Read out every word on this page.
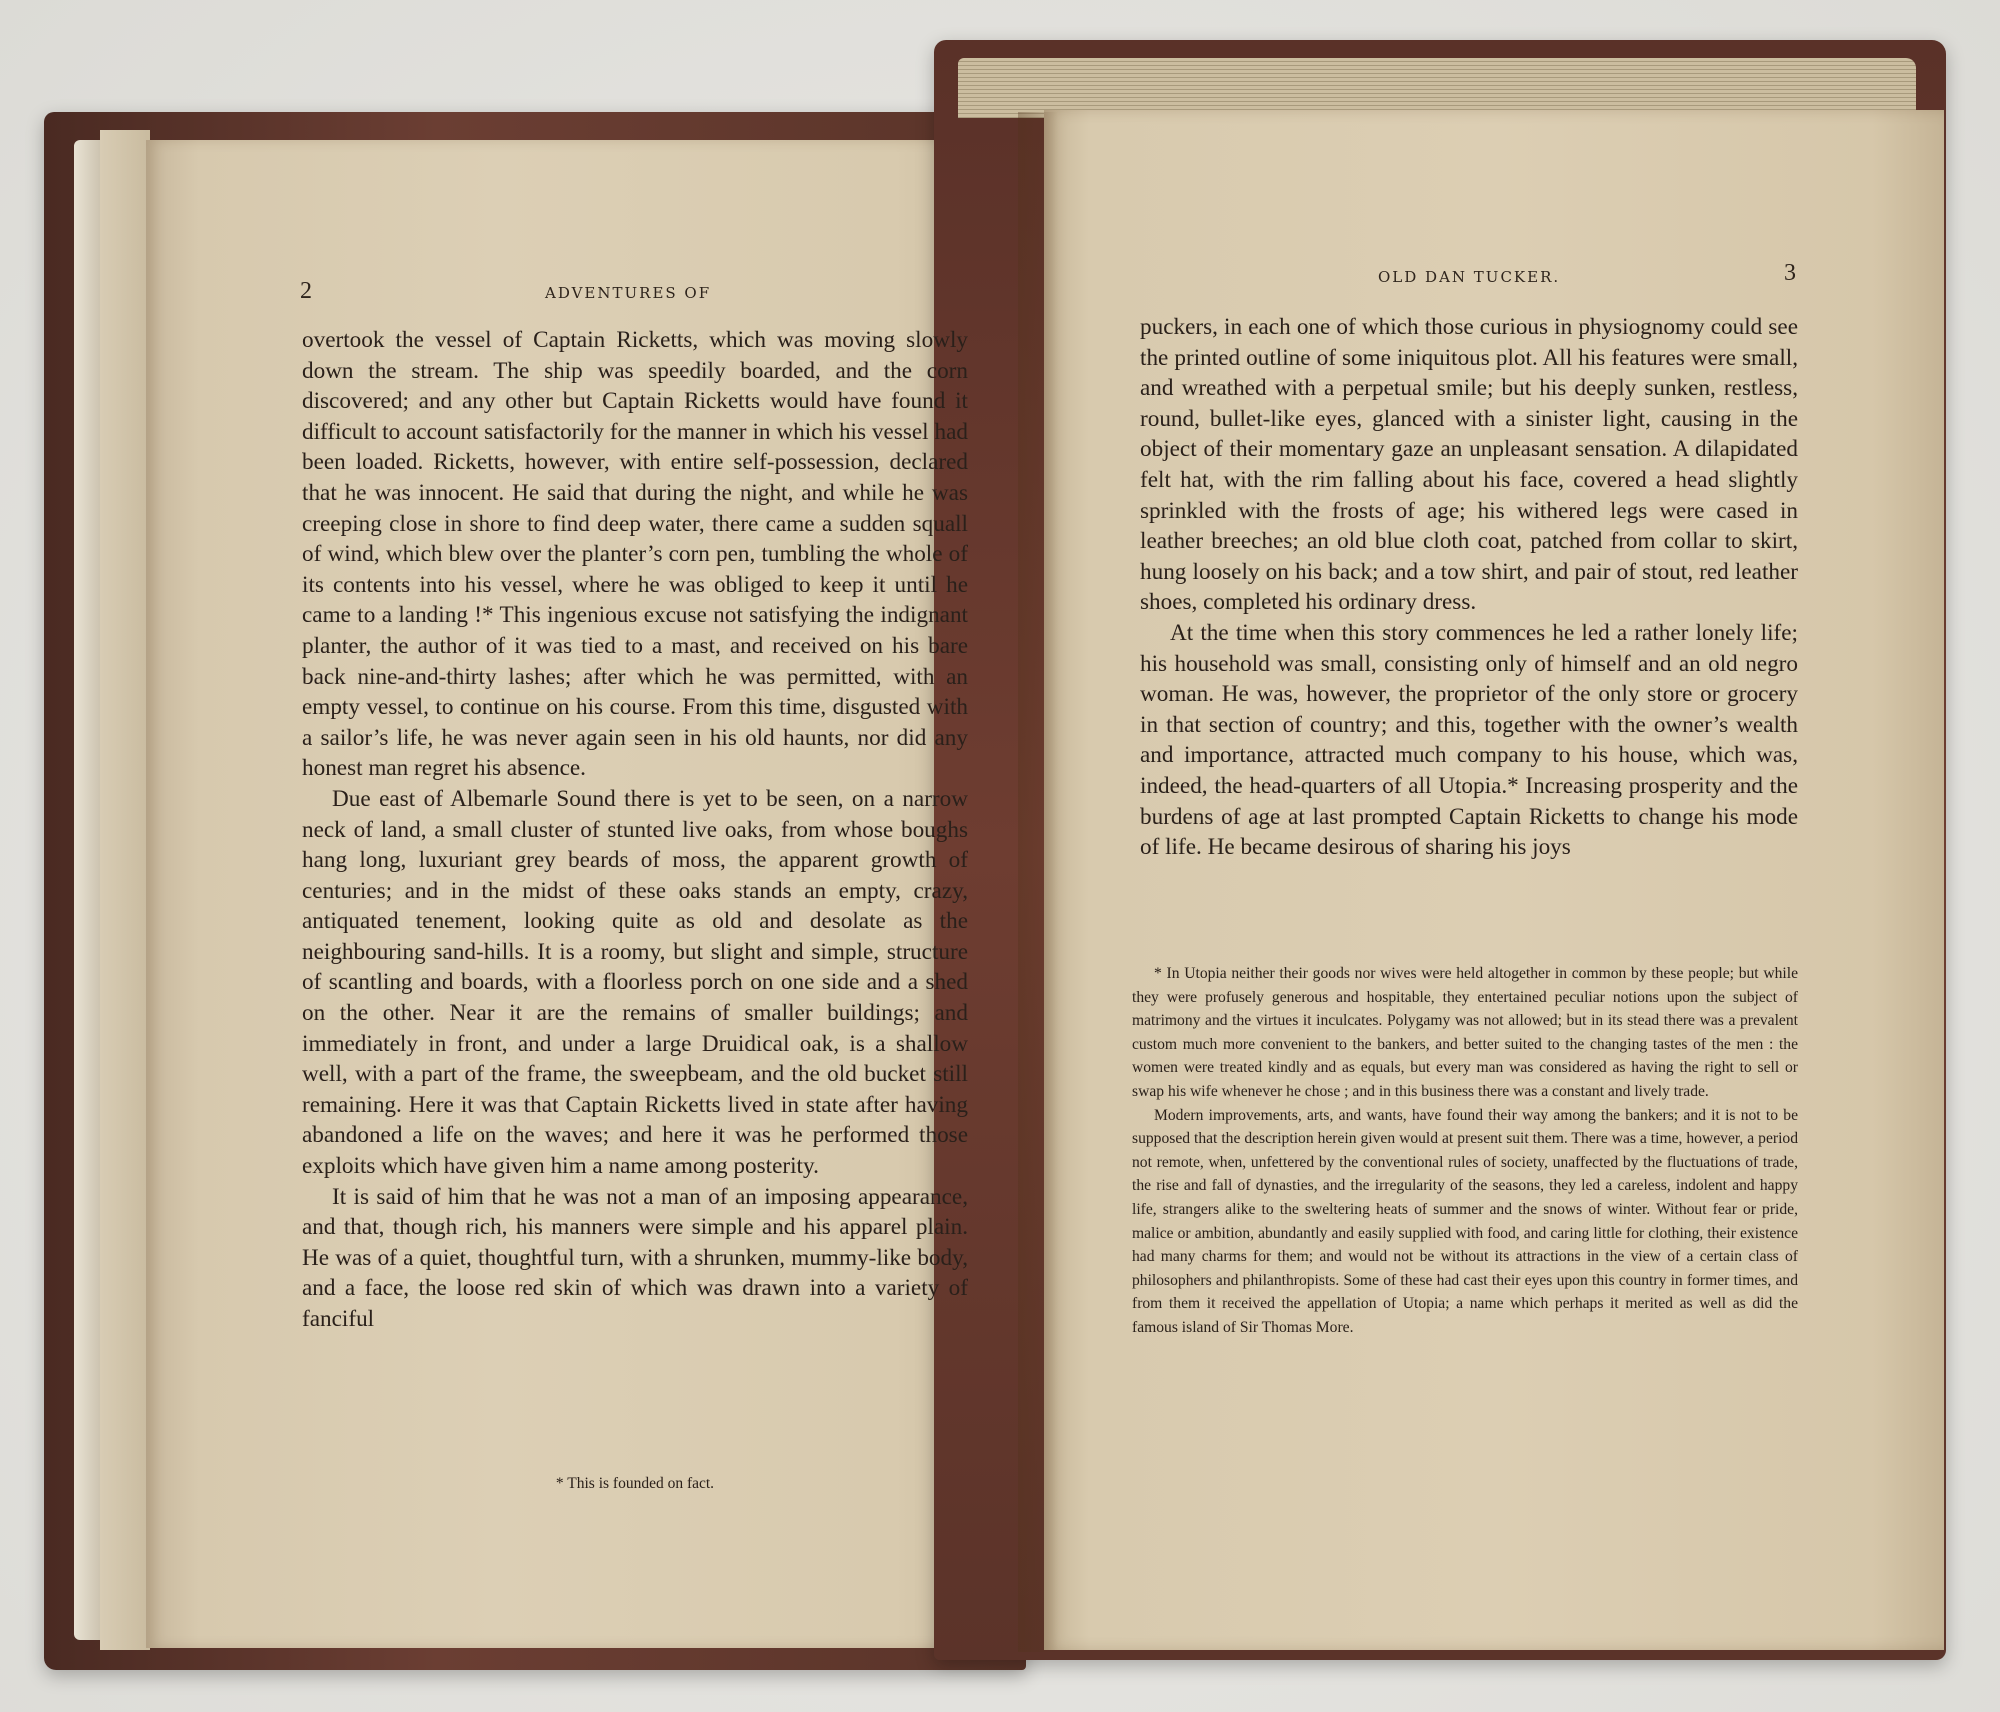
2	ADVENTURES OF

overtook the vessel of Captain Ricketts, which was moving slowly down the stream. The ship was speedily boarded, and the corn discovered; and any other but Captain Ricketts would have found it difficult to account satisfactorily for the manner in which his vessel had been loaded. Ricketts, however, with entire self-possession, declared that he was innocent. He said that during the night, and while he was creeping close in shore to find deep water, there came a sudden squall of wind, which blew over the planter’s corn pen, tumbling the whole of its contents into his vessel, where he was obliged to keep it until he came to a landing !* This ingenious excuse not satisfying the indignant planter, the author of it was tied to a mast, and received on his bare back nine-and-thirty lashes; after which he was permitted, with an empty vessel, to continue on his course. From this time, disgusted with a sailor’s life, he was never again seen in his old haunts, nor did any honest man regret his absence.

Due east of Albemarle Sound there is yet to be seen, on a narrow neck of land, a small cluster of stunted live oaks, from whose boughs hang long, luxuriant grey beards of moss, the apparent growth of centuries; and in the midst of these oaks stands an empty, crazy, antiquated tenement, looking quite as old and desolate as the neighbouring sand-hills. It is a roomy, but slight and simple, structure of scantling and boards, with a floorless porch on one side and a shed on the other. Near it are the remains of smaller buildings; and immediately in front, and under a large Druidical oak, is a shallow well, with a part of the frame, the sweepbeam, and the old bucket still remaining. Here it was that Captain Ricketts lived in state after having abandoned a life on the waves; and here it was he performed those exploits which have given him a name among posterity.

It is said of him that he was not a man of an imposing appearance, and that, though rich, his manners were simple and his apparel plain. He was of a quiet, thoughtful turn, with a shrunken, mummy-like body, and a face, the loose red skin of which was drawn into a variety of fanciful

* This is founded on fact.
OLD DAN TUCKER.	3

puckers, in each one of which those curious in physiognomy could see the printed outline of some iniquitous plot. All his features were small, and wreathed with a perpetual smile; but his deeply sunken, restless, round, bullet-like eyes, glanced with a sinister light, causing in the object of their momentary gaze an unpleasant sensation. A dilapidated felt hat, with the rim falling about his face, covered a head slightly sprinkled with the frosts of age; his withered legs were cased in leather breeches; an old blue cloth coat, patched from collar to skirt, hung loosely on his back; and a tow shirt, and pair of stout, red leather shoes, completed his ordinary dress.

At the time when this story commences he led a rather lonely life; his household was small, consisting only of himself and an old negro woman. He was, however, the proprietor of the only store or grocery in that section of country; and this, together with the owner’s wealth and importance, attracted much company to his house, which was, indeed, the head-quarters of all Utopia.* Increasing prosperity and the burdens of age at last prompted Captain Ricketts to change his mode of life. He became desirous of sharing his joys

* In Utopia neither their goods nor wives were held altogether in common by these people; but while they were profusely generous and hospitable, they entertained peculiar notions upon the subject of matrimony and the virtues it inculcates. Polygamy was not allowed; but in its stead there was a prevalent custom much more convenient to the bankers, and better suited to the changing tastes of the men : the women were treated kindly and as equals, but every man was considered as having the right to sell or swap his wife whenever he chose ; and in this business there was a constant and lively trade.

Modern improvements, arts, and wants, have found their way among the bankers; and it is not to be supposed that the description herein given would at present suit them. There was a time, however, a period not remote, when, unfettered by the conventional rules of society, unaffected by the fluctuations of trade, the rise and fall of dynasties, and the irregularity of the seasons, they led a careless, indolent and happy life, strangers alike to the sweltering heats of summer and the snows of winter. Without fear or pride, malice or ambition, abundantly and easily supplied with food, and caring little for clothing, their existence had many charms for them; and would not be without its attractions in the view of a certain class of philosophers and philanthropists. Some of these had cast their eyes upon this country in former times, and from them it received the appellation of Utopia; a name which perhaps it merited as well as did the famous island of Sir Thomas More.
